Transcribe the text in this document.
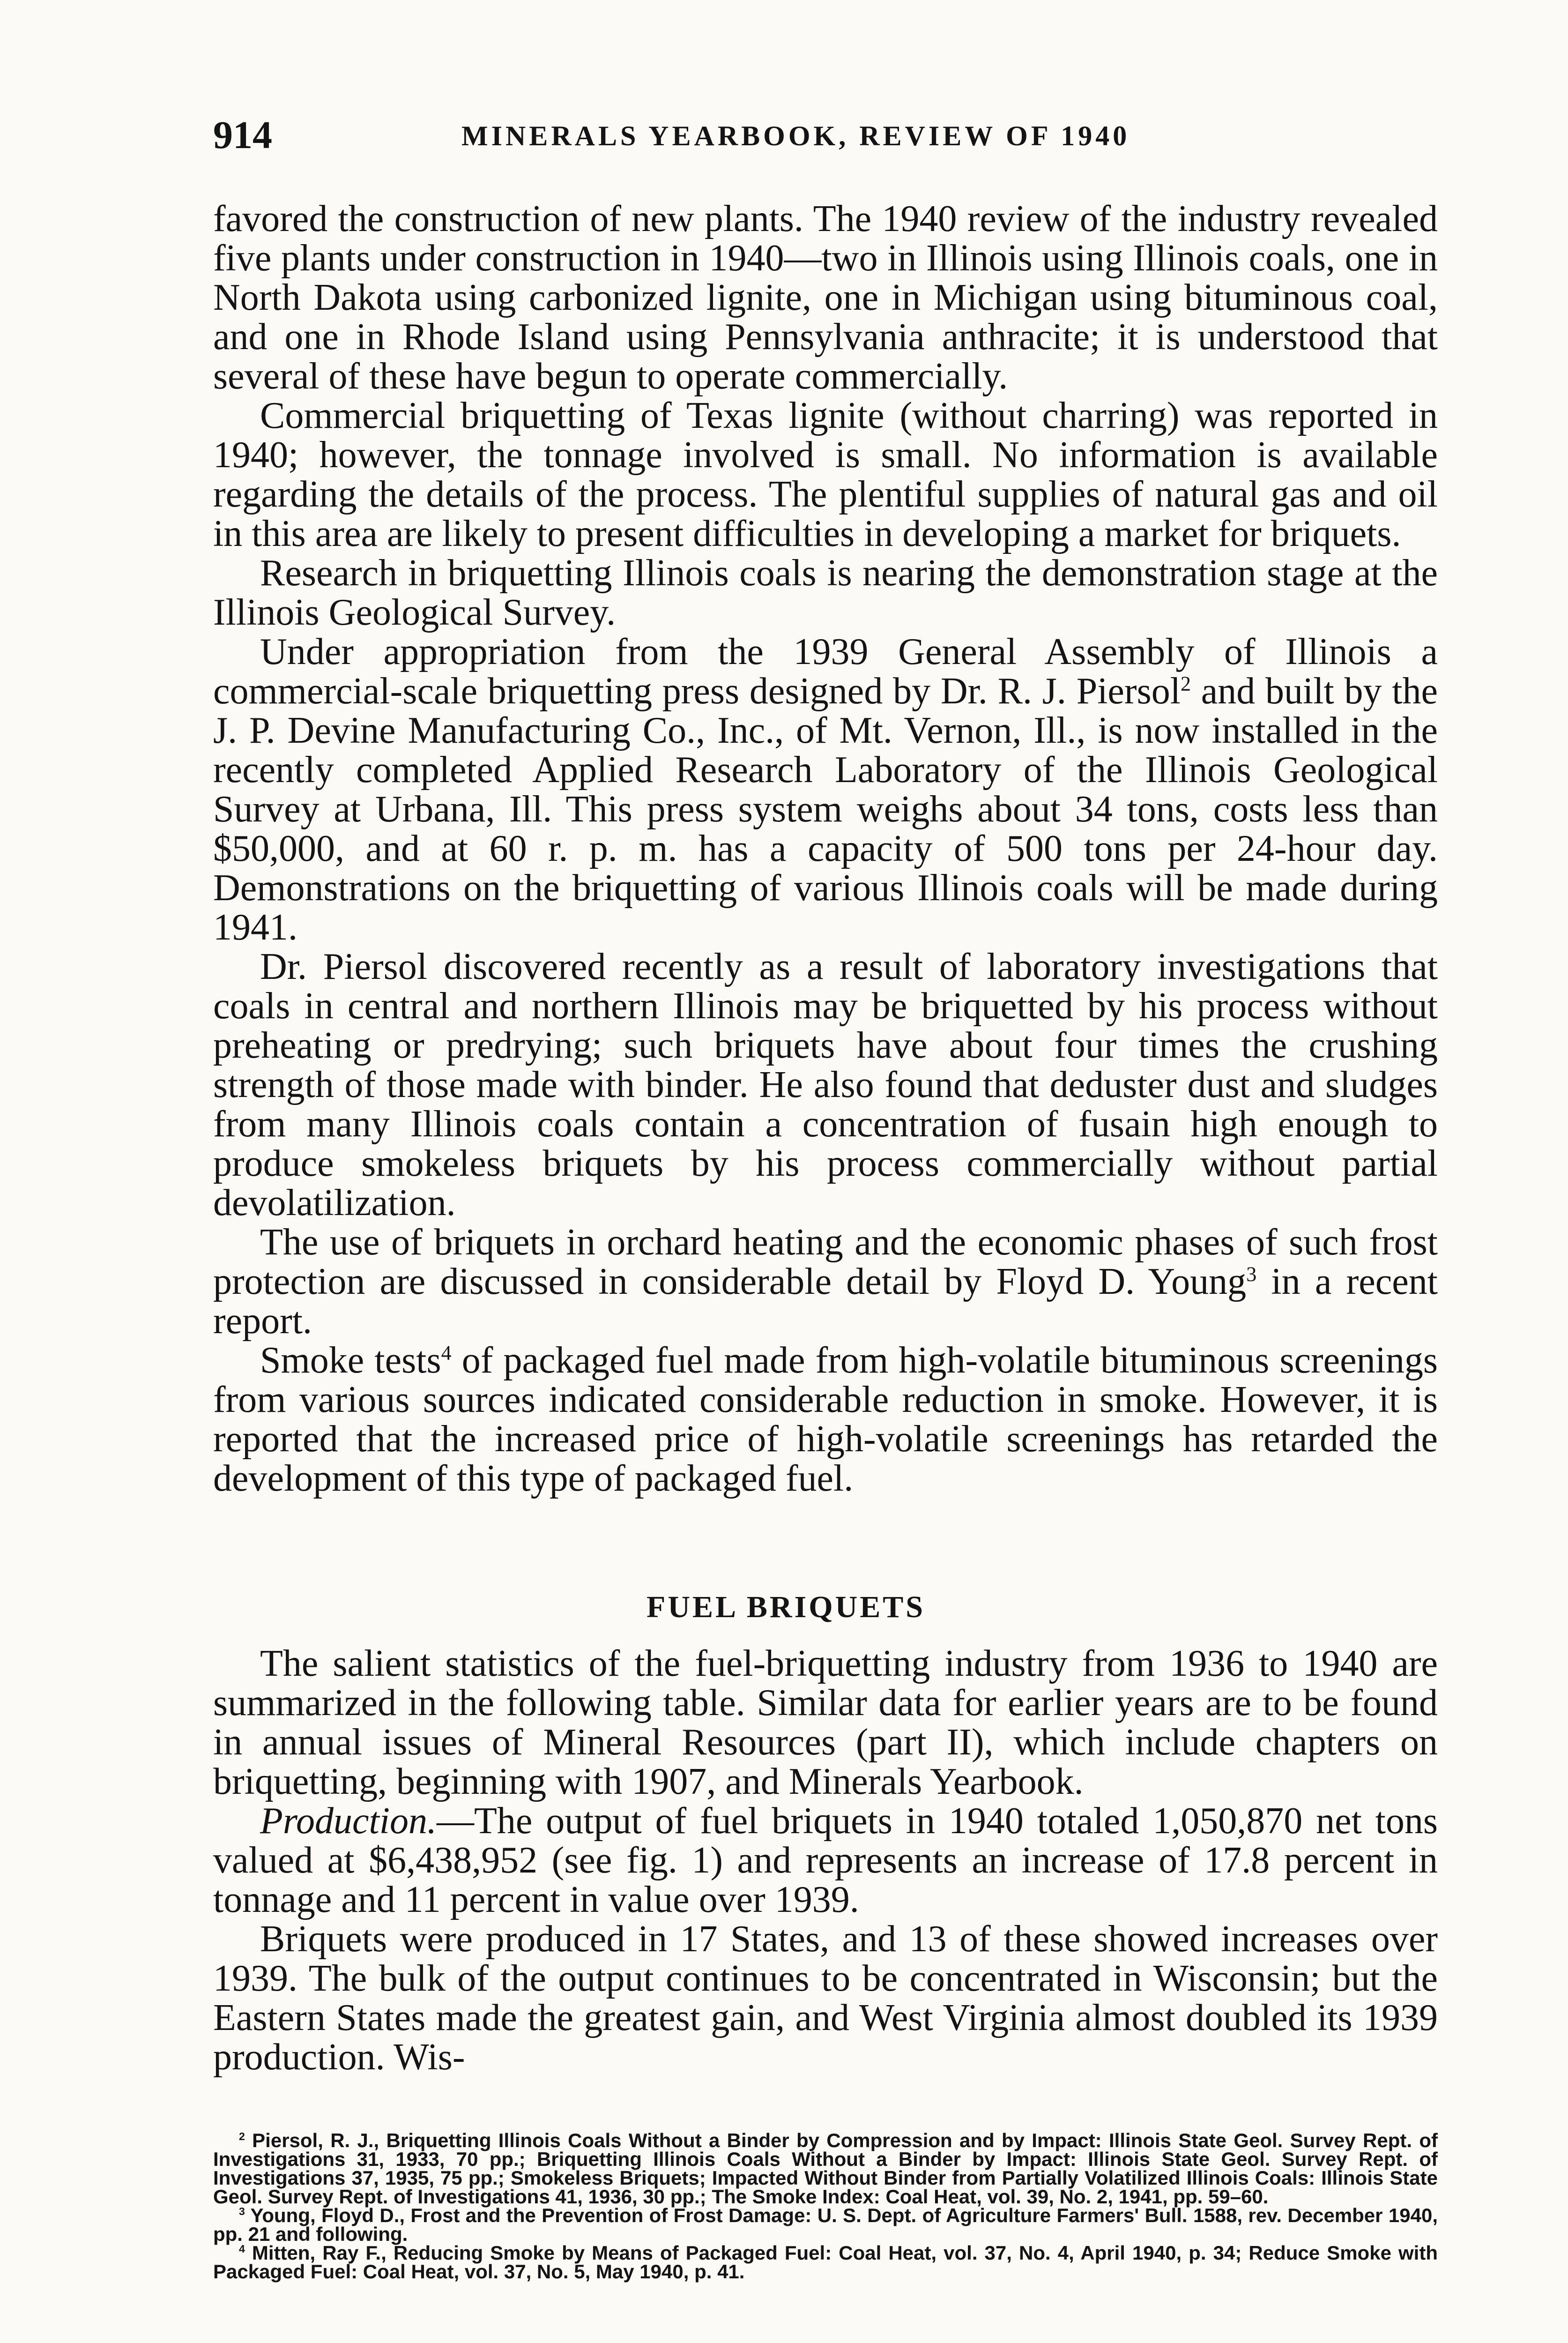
914	MINERALS YEARBOOK, REVIEW OF 1940

favored the construction of new plants. The 1940 review of the industry revealed five plants under construction in 1940—two in Illinois using Illinois coals, one in North Dakota using carbonized lignite, one in Michigan using bituminous coal, and one in Rhode Island using Pennsylvania anthracite; it is understood that several of these have begun to operate commercially.

Commercial briquetting of Texas lignite (without charring) was reported in 1940; however, the tonnage involved is small. No information is available regarding the details of the process. The plentiful supplies of natural gas and oil in this area are likely to present difficulties in developing a market for briquets.

Research in briquetting Illinois coals is nearing the demonstration stage at the Illinois Geological Survey.

Under appropriation from the 1939 General Assembly of Illinois a commercial-scale briquetting press designed by Dr. R. J. Piersol$^2$ and built by the J. P. Devine Manufacturing Co., Inc., of Mt. Vernon, Ill., is now installed in the recently completed Applied Research Laboratory of the Illinois Geological Survey at Urbana, Ill. This press system weighs about 34 tons, costs less than $50,000, and at 60 r. p. m. has a capacity of 500 tons per 24-hour day. Demonstrations on the briquetting of various Illinois coals will be made during 1941.

Dr. Piersol discovered recently as a result of laboratory investigations that coals in central and northern Illinois may be briquetted by his process without preheating or predrying; such briquets have about four times the crushing strength of those made with binder. He also found that deduster dust and sludges from many Illinois coals contain a concentration of fusain high enough to produce smokeless briquets by his process commercially without partial devolatilization.

The use of briquets in orchard heating and the economic phases of such frost protection are discussed in considerable detail by Floyd D. Young$^3$ in a recent report.

Smoke tests$^4$ of packaged fuel made from high-volatile bituminous screenings from various sources indicated considerable reduction in smoke. However, it is reported that the increased price of high-volatile screenings has retarded the development of this type of packaged fuel.

FUEL BRIQUETS

The salient statistics of the fuel-briquetting industry from 1936 to 1940 are summarized in the following table. Similar data for earlier years are to be found in annual issues of Mineral Resources (part II), which include chapters on briquetting, beginning with 1907, and Minerals Yearbook.

Production.—The output of fuel briquets in 1940 totaled 1,050,870 net tons valued at $6,438,952 (see fig. 1) and represents an increase of 17.8 percent in tonnage and 11 percent in value over 1939.

Briquets were produced in 17 States, and 13 of these showed increases over 1939. The bulk of the output continues to be concentrated in Wisconsin; but the Eastern States made the greatest gain, and West Virginia almost doubled its 1939 production. Wis-

$^2$ Piersol, R. J., Briquetting Illinois Coals Without a Binder by Compression and by Impact: Illinois State Geol. Survey Rept. of Investigations 31, 1933, 70 pp.; Briquetting Illinois Coals Without a Binder by Impact: Illinois State Geol. Survey Rept. of Investigations 37, 1935, 75 pp.; Smokeless Briquets; Impacted Without Binder from Partially Volatilized Illinois Coals: Illinois State Geol. Survey Rept. of Investigations 41, 1936, 30 pp.; The Smoke Index: Coal Heat, vol. 39, No. 2, 1941, pp. 59–60.

$^3$ Young, Floyd D., Frost and the Prevention of Frost Damage: U. S. Dept. of Agriculture Farmers' Bull. 1588, rev. December 1940, pp. 21 and following.

$^4$ Mitten, Ray F., Reducing Smoke by Means of Packaged Fuel: Coal Heat, vol. 37, No. 4, April 1940, p. 34; Reduce Smoke with Packaged Fuel: Coal Heat, vol. 37, No. 5, May 1940, p. 41.
